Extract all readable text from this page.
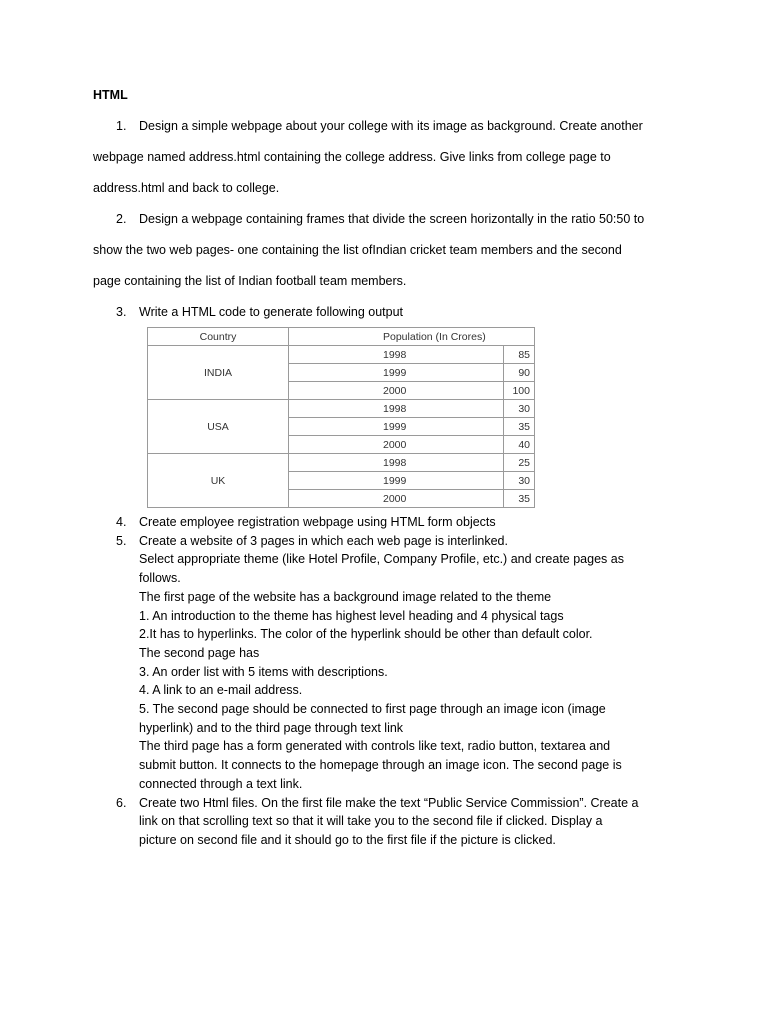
HTML
1. Design a simple webpage about your college with its image as background. Create another
webpage named address.html containing the college address. Give links from college page to
address.html and back to college.
2. Design a webpage containing frames that divide the screen horizontally in the ratio 50:50 to
show the two web pages- one containing the list ofIndian cricket team members and the second
page containing the list of Indian football team members.
3. Write a HTML code to generate following output
Country	Population (In Crores)	
INDIA	1998	85
	1999	90
	2000	100
USA	1998	30
	1999	35
	2000	40
UK	1998	25
	1999	30
	2000	35
4.	Create employee registration webpage using HTML form objects
5.	Create a website of 3 pages in which each web page is interlinked.
Select appropriate theme (like Hotel Profile, Company Profile, etc.) and create pages as
follows.
The first page of the website has a background image related to the theme
1. An introduction to the theme has highest level heading and 4 physical tags
2.It has to hyperlinks. The color of the hyperlink should be other than default color.
The second page has
3. An order list with 5 items with descriptions.
4. A link to an e-mail address.
5. The second page should be connected to first page through an image icon (image
hyperlink) and to the third page through text link
The third page has a form generated with controls like text, radio button, textarea and
submit button. It connects to the homepage through an image icon. The second page is
connected through a text link.
6.	Create two Html files. On the first file make the text “Public Service Commission”. Create a
link on that scrolling text so that it will take you to the second file if clicked. Display a
picture on second file and it should go to the first file if the picture is clicked.
